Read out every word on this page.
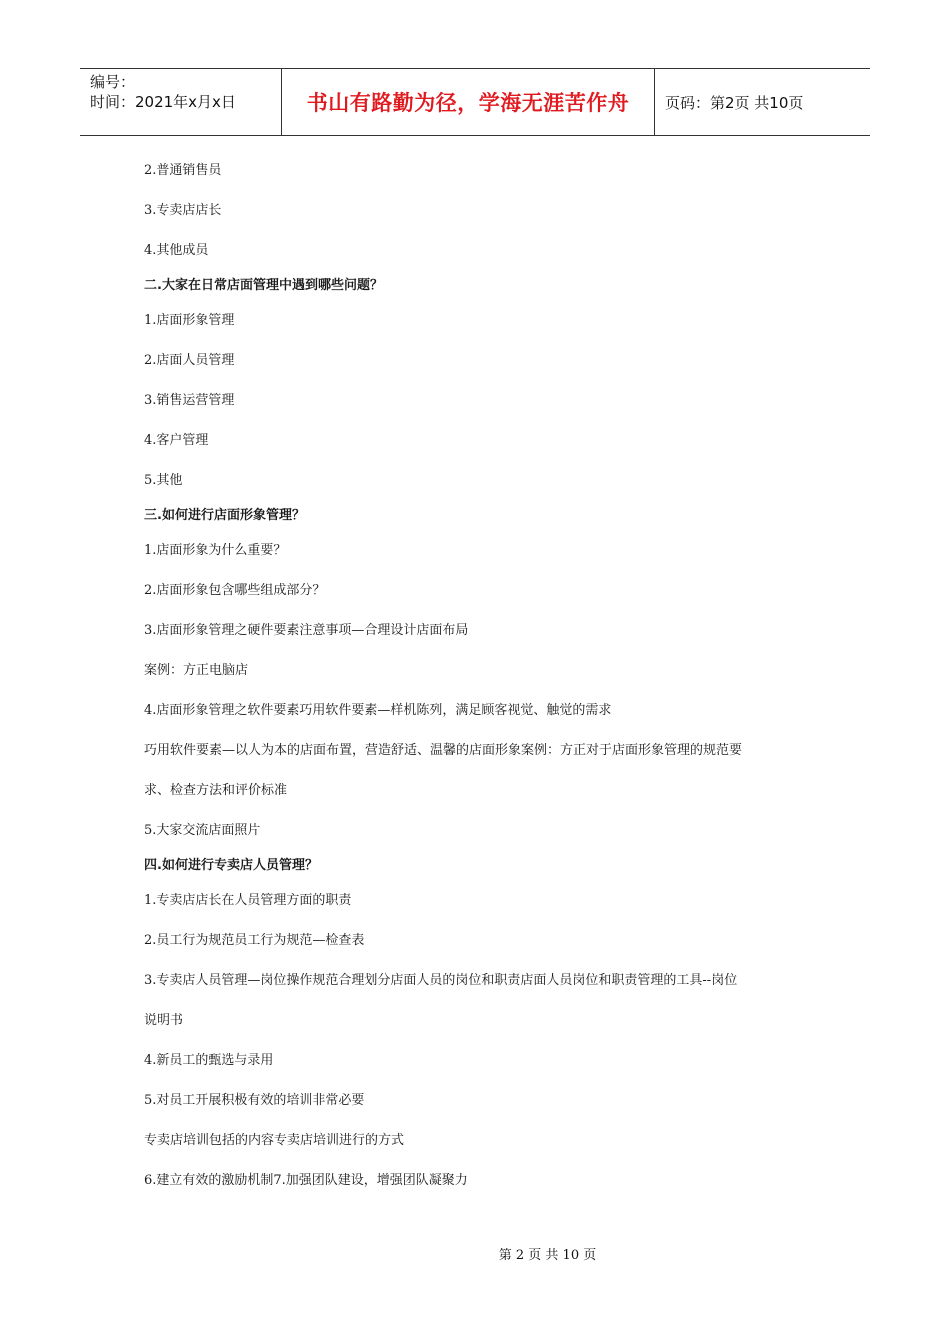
编号：
时间：2021年x月x日	书山有路勤为径，学海无涯苦作舟	页码：第2页 共10页
2.普通销售员
3.专卖店店长
4.其他成员
二.大家在日常店面管理中遇到哪些问题？
1.店面形象管理
2.店面人员管理
3.销售运营管理
4.客户管理
5.其他
三.如何进行店面形象管理？
1.店面形象为什么重要？
2.店面形象包含哪些组成部分？
3.店面形象管理之硬件要素注意事项—合理设计店面布局
案例：方正电脑店
4.店面形象管理之软件要素巧用软件要素—样机陈列，满足顾客视觉、触觉的需求
巧用软件要素—以人为本的店面布置，营造舒适、温馨的店面形象案例：方正对于店面形象管理的规范要
求、检查方法和评价标准
5.大家交流店面照片
四.如何进行专卖店人员管理？
1.专卖店店长在人员管理方面的职责
2.员工行为规范员工行为规范—检查表
3.专卖店人员管理—岗位操作规范合理划分店面人员的岗位和职责店面人员岗位和职责管理的工具--岗位
说明书
4.新员工的甄选与录用
5.对员工开展积极有效的培训非常必要
专卖店培训包括的内容专卖店培训进行的方式
6.建立有效的激励机制7.加强团队建设，增强团队凝聚力
第 2 页 共 10 页
